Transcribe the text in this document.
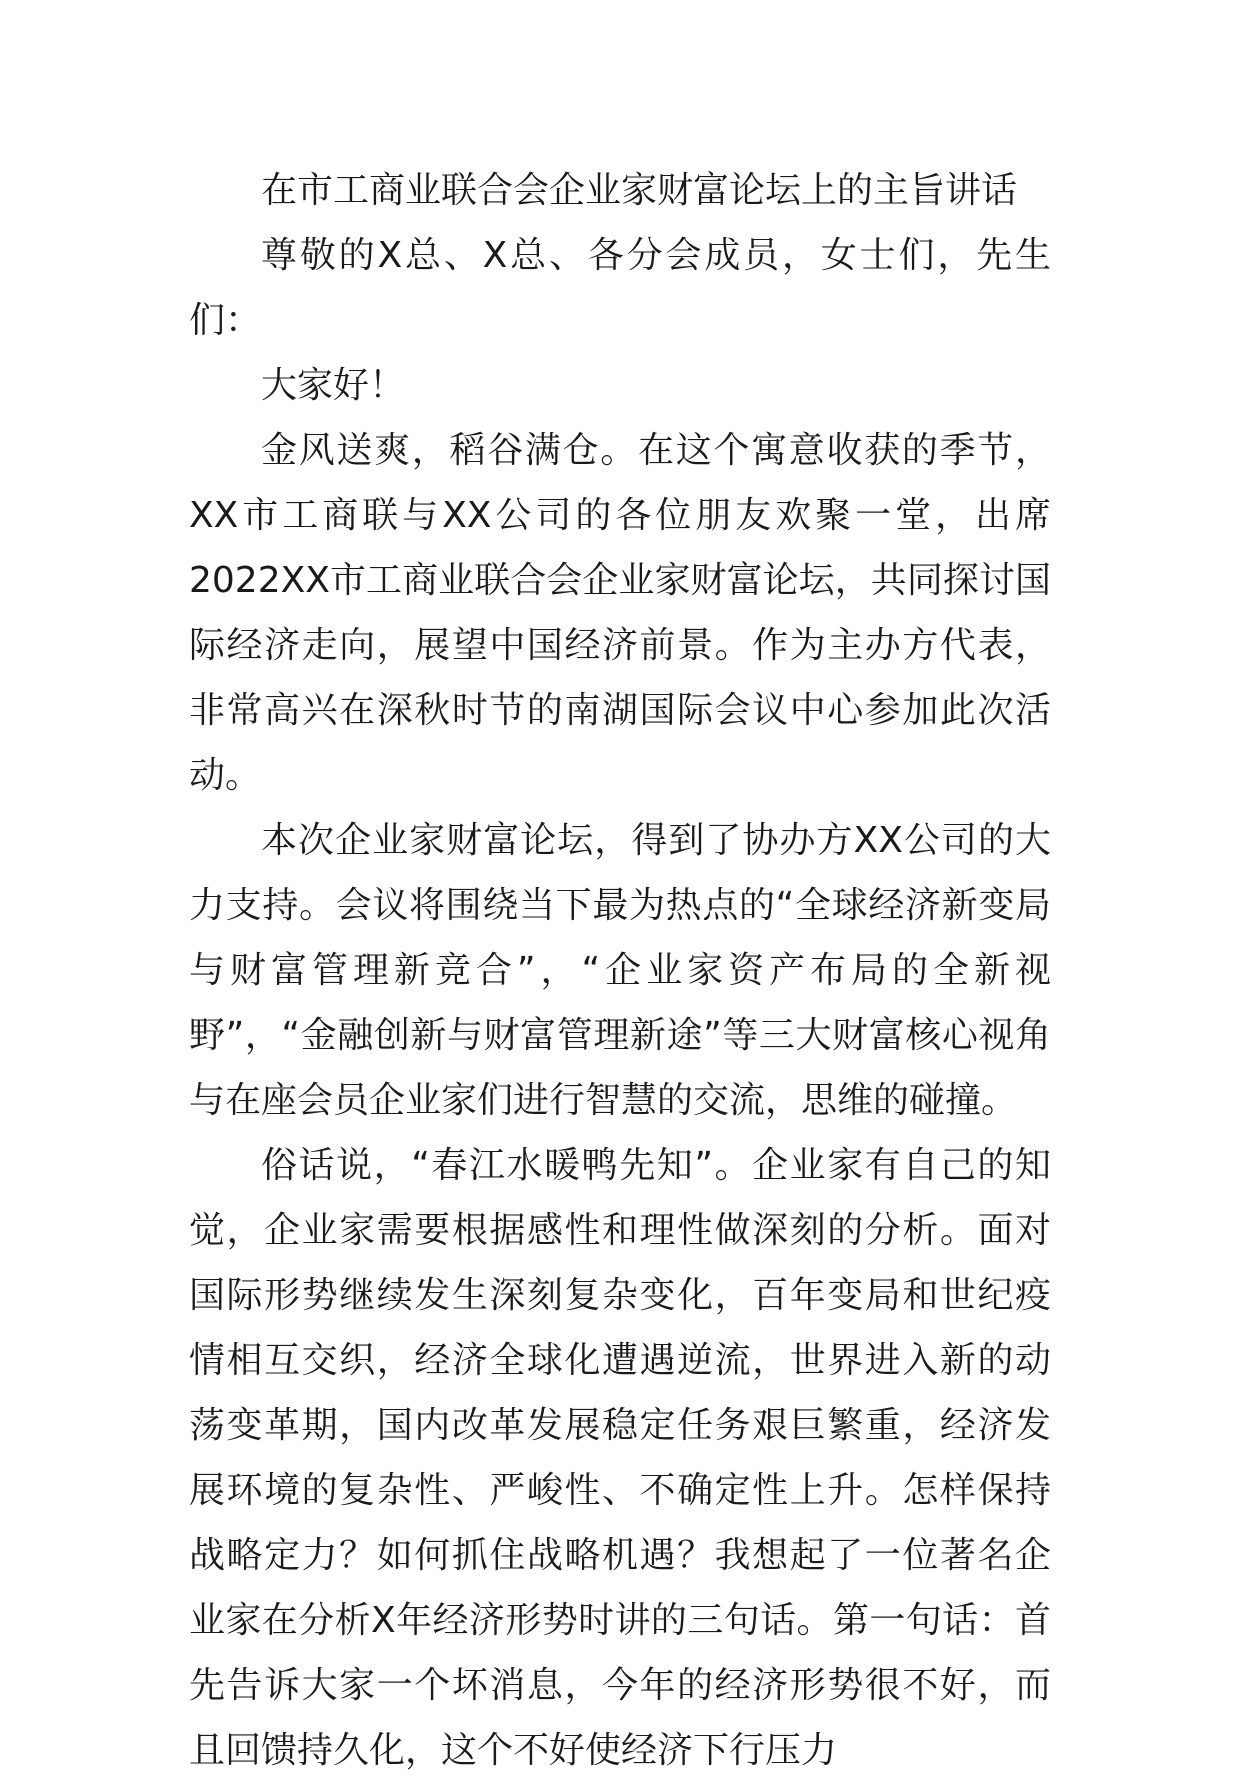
在市工商业联合会企业家财富论坛上的主旨讲话

尊敬的X总、X总、各分会成员，女士们，先生们：

大家好！

金风送爽，稻谷满仓。在这个寓意收获的季节，XX市工商联与XX公司的各位朋友欢聚一堂，出席2022XX市工商业联合会企业家财富论坛，共同探讨国际经济走向，展望中国经济前景。作为主办方代表，非常高兴在深秋时节的南湖国际会议中心参加此次活动。

本次企业家财富论坛，得到了协办方XX公司的大力支持。会议将围绕当下最为热点的“全球经济新变局与财富管理新竞合”，“企业家资产布局的全新视野”，“金融创新与财富管理新途”等三大财富核心视角与在座会员企业家们进行智慧的交流，思维的碰撞。

俗话说，“春江水暖鸭先知”。企业家有自己的知觉，企业家需要根据感性和理性做深刻的分析。面对国际形势继续发生深刻复杂变化，百年变局和世纪疫情相互交织，经济全球化遭遇逆流，世界进入新的动荡变革期，国内改革发展稳定任务艰巨繁重，经济发展环境的复杂性、严峻性、不确定性上升。怎样保持战略定力？如何抓住战略机遇？我想起了一位著名企业家在分析X年经济形势时讲的三句话。第一句话：首先告诉大家一个坏消息，今年的经济形势很不好，而且回馈持久化，这个不好使经济下行压力
